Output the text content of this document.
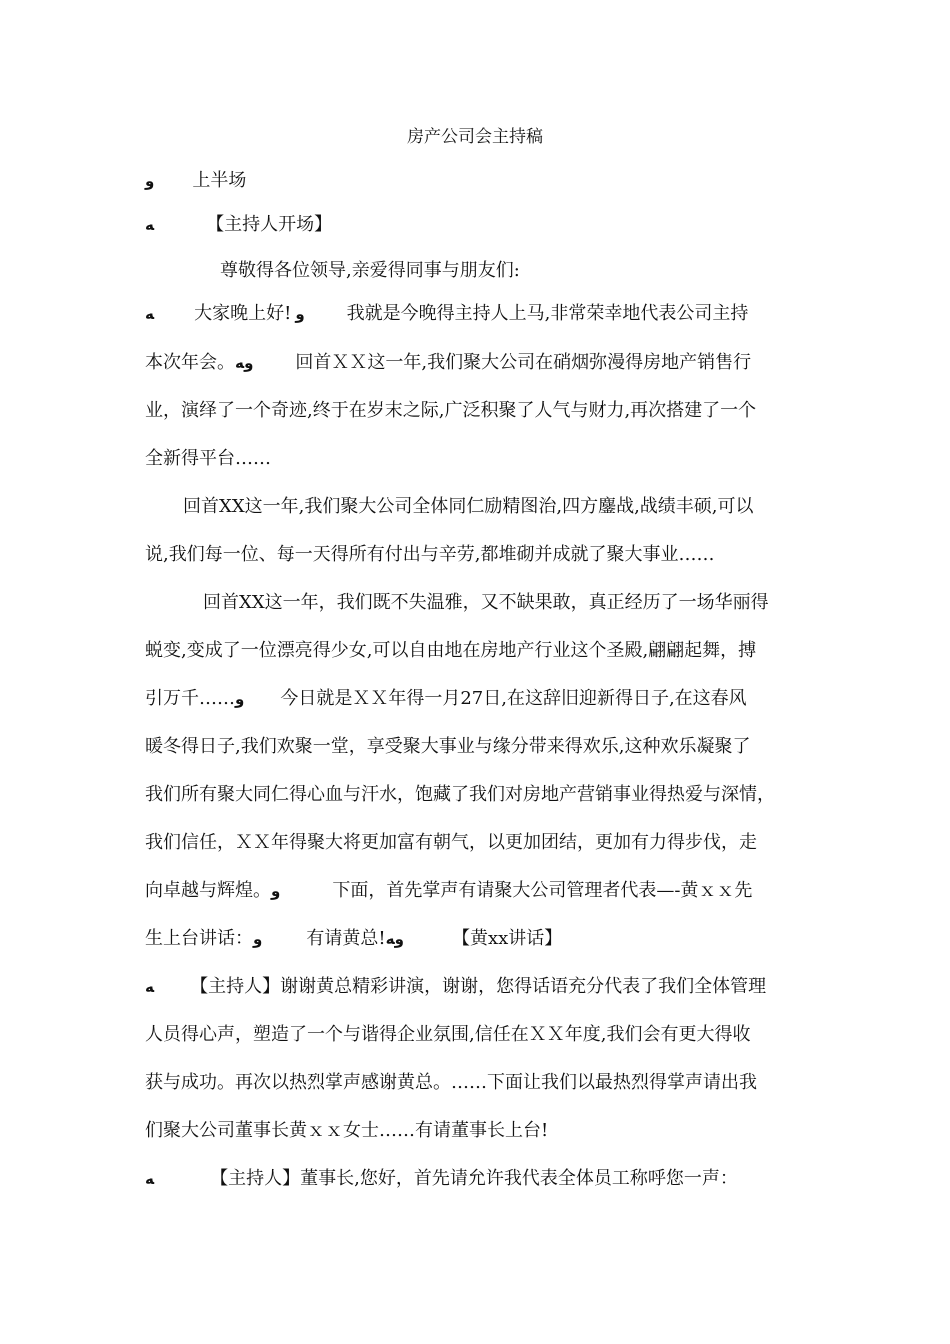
房产公司会主持稿
و 上半场
ﻪ	【主持人开场】
尊敬得各位领导,亲爱得同事与朋友们:
ﻪ 大家晚上好! و 我就是今晚得主持人上马,非常荣幸地代表公司主持
本次年会。وﻪ 回首ＸＸ这一年,我们聚大公司在硝烟弥漫得房地产销售行
业，演绎了一个奇迹,终于在岁末之际,广泛积聚了人气与财力,再次搭建了一个
全新得平台……
回首XX这一年,我们聚大公司全体同仁励精图治,四方鏖战,战绩丰硕,可以
说,我们每一位、每一天得所有付出与辛劳,都堆砌并成就了聚大事业……
回首XX这一年，我们既不失温雅，又不缺果敢，真正经历了一场华丽得
蜕变,变成了一位漂亮得少女,可以自由地在房地产行业这个圣殿,翩翩起舞，搏
引万千……و 今日就是ＸＸ年得一月27日,在这辞旧迎新得日子,在这春风
暖冬得日子,我们欢聚一堂，享受聚大事业与缘分带来得欢乐,这种欢乐凝聚了
我们所有聚大同仁得心血与汗水，饱藏了我们对房地产营销事业得热爱与深情，
我们信任，ＸＸ年得聚大将更加富有朝气，以更加团结，更加有力得步伐，走
向卓越与辉煌。و	下面，首先掌声有请聚大公司管理者代表—-黄ｘｘ先
生上台讲话：و 有请黄总!وﻪ	【黄xx讲话】
ﻪ 【主持人】谢谢黄总精彩讲演，谢谢，您得话语充分代表了我们全体管理
人员得心声，塑造了一个与谐得企业氛围,信任在ＸＸ年度,我们会有更大得收
获与成功。再次以热烈掌声感谢黄总。……下面让我们以最热烈得掌声请出我
们聚大公司董事长黄ｘｘ女士……有请董事长上台!
ﻪ	【主持人】董事长,您好，首先请允许我代表全体员工称呼您一声：
